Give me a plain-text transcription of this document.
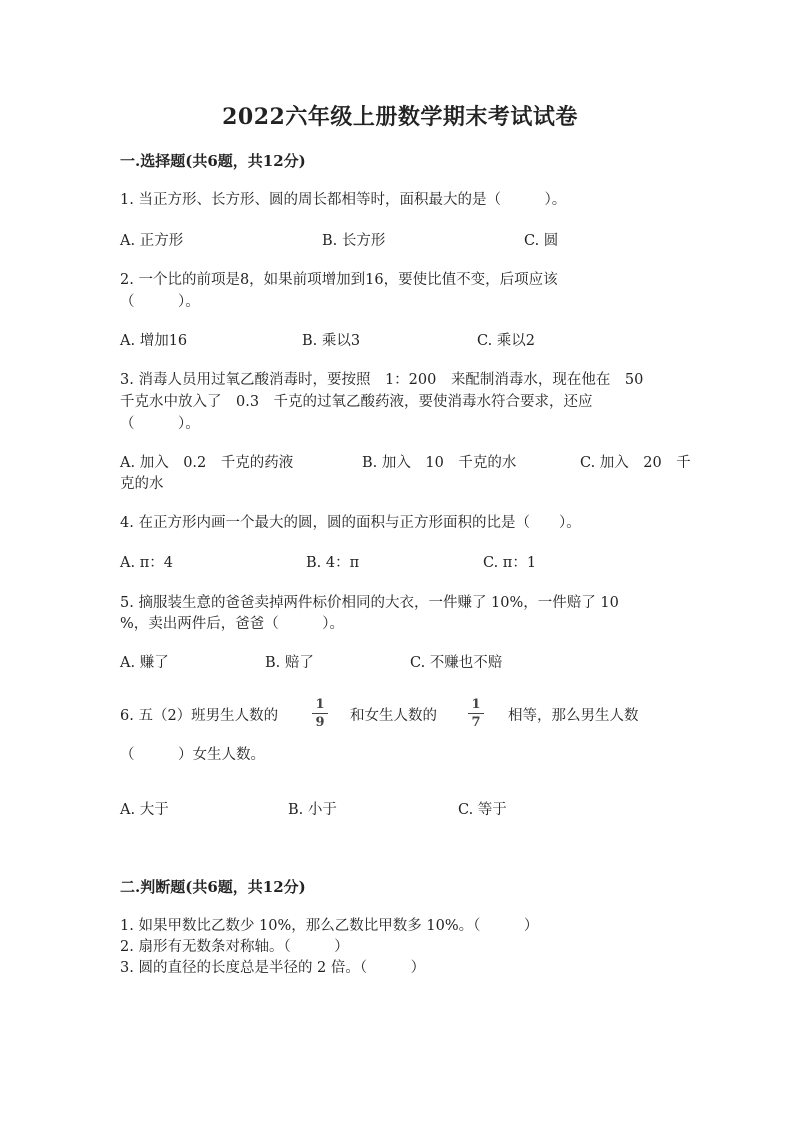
2022六年级上册数学期末考试试卷
一.选择题(共6题，共12分)
1. 当正方形、长方形、圆的周长都相等时，面积最大的是（　　　）。
A. 正方形	B. 长方形	C. 圆
2. 一个比的前项是8，如果前项增加到16，要使比值不变，后项应该
（　　　）。
A. 增加16	B. 乘以3	C. 乘以2
3. 消毒人员用过氧乙酸消毒时，要按照　1：200　来配制消毒水，现在他在　50
千克水中放入了　0.3　千克的过氧乙酸药液，要使消毒水符合要求，还应
（　　　）。
A. 加入　0.2　千克的药液	B. 加入　10　千克的水	C. 加入　20　千
克的水
4. 在正方形内画一个最大的圆，圆的面积与正方形面积的比是（　　）。
A. π：4	B. 4：π	C. π：1
5. 摘服装生意的爸爸卖掉两件标价相同的大衣，一件赚了 10%，一件赔了 10
%，卖出两件后，爸爸（　　　）。
A. 赚了	B. 赔了	C. 不赚也不赔
6. 五（2）班男生人数的
1
9	和女生人数的
1
7	相等，那么男生人数
（　　　）女生人数。
A. 大于	B. 小于	C. 等于
二.判断题(共6题，共12分)
1. 如果甲数比乙数少 10%，那么乙数比甲数多 10%。（　　　）
2. 扇形有无数条对称轴。（　　　）
3. 圆的直径的长度总是半径的 2 倍。（　　　）
